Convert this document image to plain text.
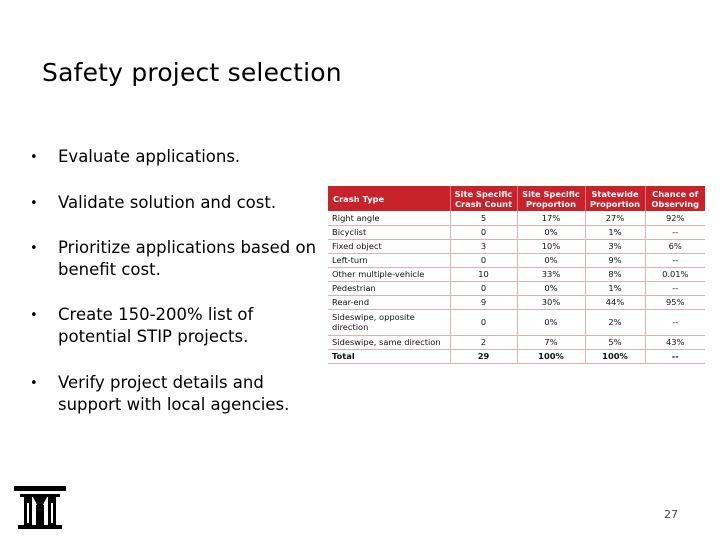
Safety project selection
•	Evaluate applications.
•	Validate solution and cost.
•	Prioritize applications based on benefit cost.
•	Create 150-200% list of potential STIP projects.
•	Verify project details and support with local agencies.
Crash Type	Site Specific Crash Count	Site Specific Proportion	Statewide Proportion	Chance of Observing
Right angle	5	17%	27%	92%
Bicyclist	0	0%	1%	--
Fixed object	3	10%	3%	6%
Left-turn	0	0%	9%	--
Other multiple-vehicle	10	33%	8%	0.01%
Pedestrian	0	0%	1%	--
Rear-end	9	30%	44%	95%
Sideswipe, opposite direction	0	0%	2%	--
Sideswipe, same direction	2	7%	5%	43%
Total	29	100%	100%	--
27
